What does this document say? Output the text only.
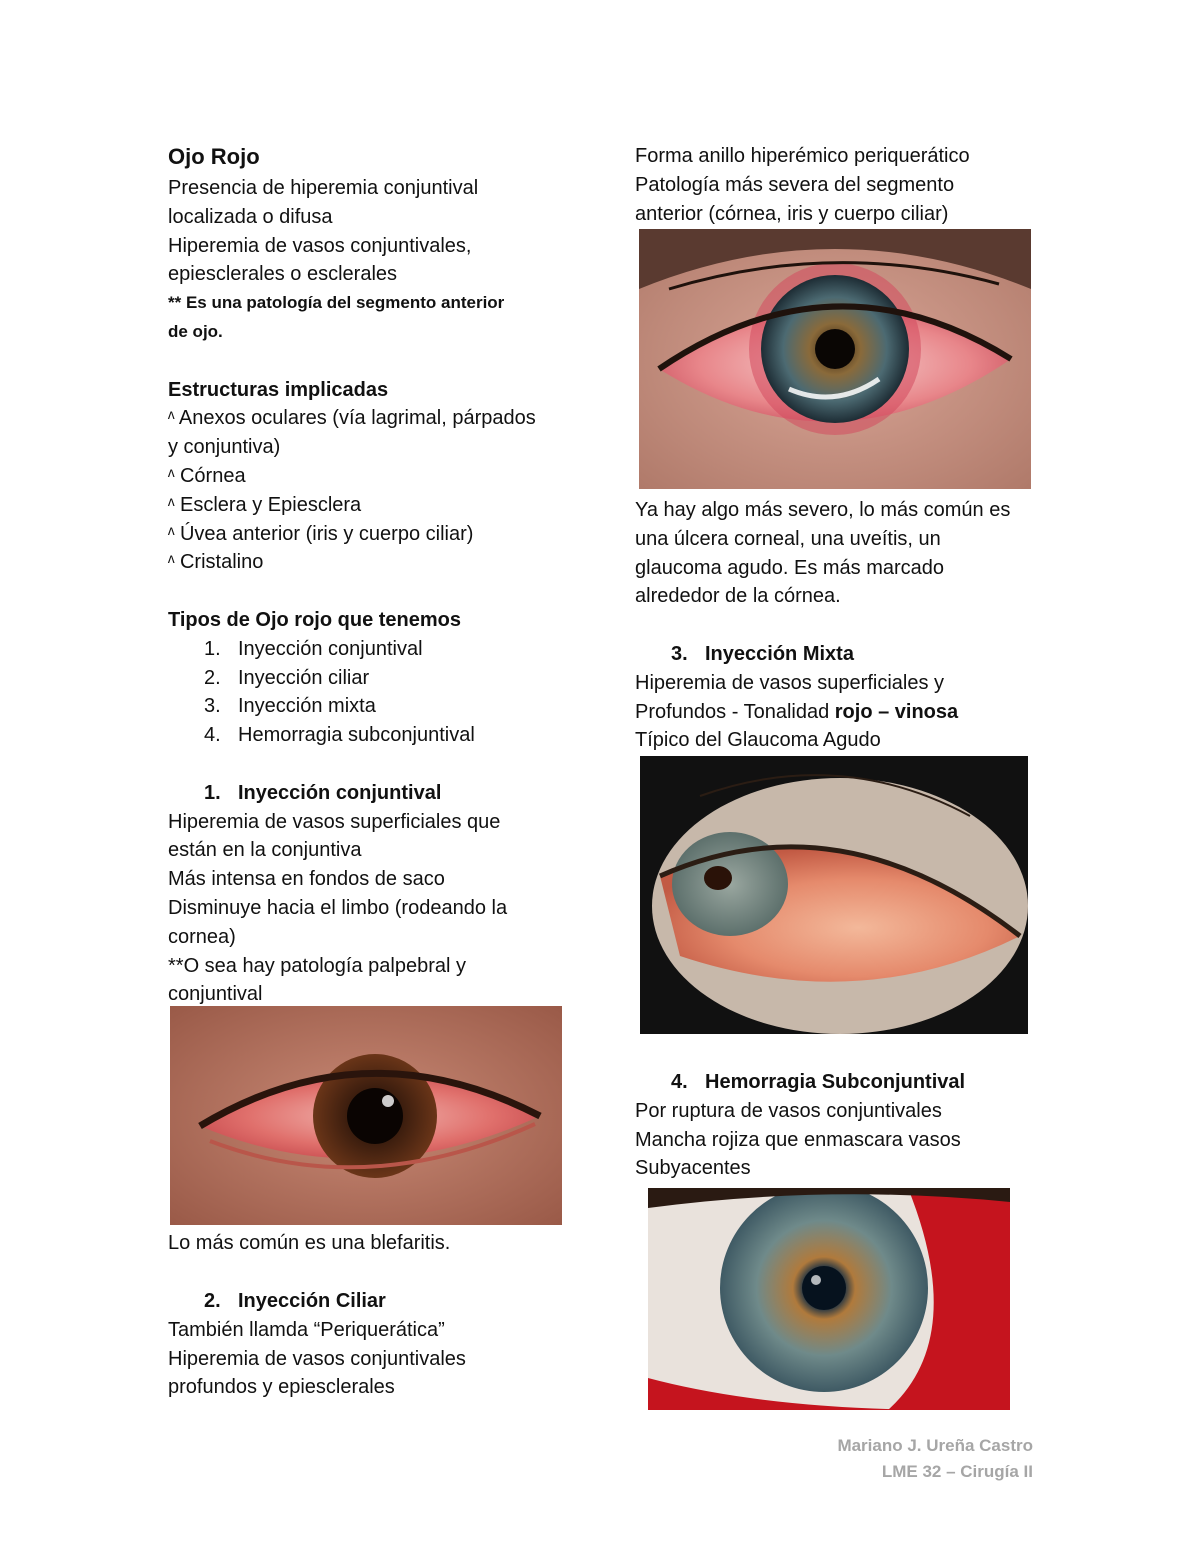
Ojo Rojo
Presencia de hiperemia conjuntival
localizada o difusa
Hiperemia de vasos conjuntivales,
epiesclerales o esclerales
** Es una patología del segmento anterior
de ojo.
Estructuras implicadas
ᶺ Anexos oculares (vía lagrimal, párpados
y conjuntiva)
ᶺ Córnea
ᶺ Esclera y Epiesclera
ᶺ Úvea anterior (iris y cuerpo ciliar)
ᶺ Cristalino
Tipos de Ojo rojo que tenemos
1. Inyección conjuntival
2. Inyección ciliar
3. Inyección mixta
4. Hemorragia subconjuntival
1. Inyección conjuntival
Hiperemia de vasos superficiales que
están en la conjuntiva
Más intensa en fondos de saco
Disminuye hacia el limbo (rodeando la
cornea)
**O sea hay patología palpebral y
conjuntival
Lo más común es una blefaritis.
2. Inyección Ciliar
También llamda “Periquerática”
Hiperemia de vasos conjuntivales
profundos y epiesclerales
Forma anillo hiperémico periquerático
Patología más severa del segmento
anterior (córnea, iris y cuerpo ciliar)
Ya hay algo más severo, lo más común es
una úlcera corneal, una uveítis, un
glaucoma agudo. Es más marcado
alrededor de la córnea.
3. Inyección Mixta
Hiperemia de vasos superficiales y
Profundos - Tonalidad rojo – vinosa
Típico del Glaucoma Agudo
4. Hemorragia Subconjuntival
Por ruptura de vasos conjuntivales
Mancha rojiza que enmascara vasos
Subyacentes
Mariano J. Ureña Castro
LME 32 – Cirugía II
